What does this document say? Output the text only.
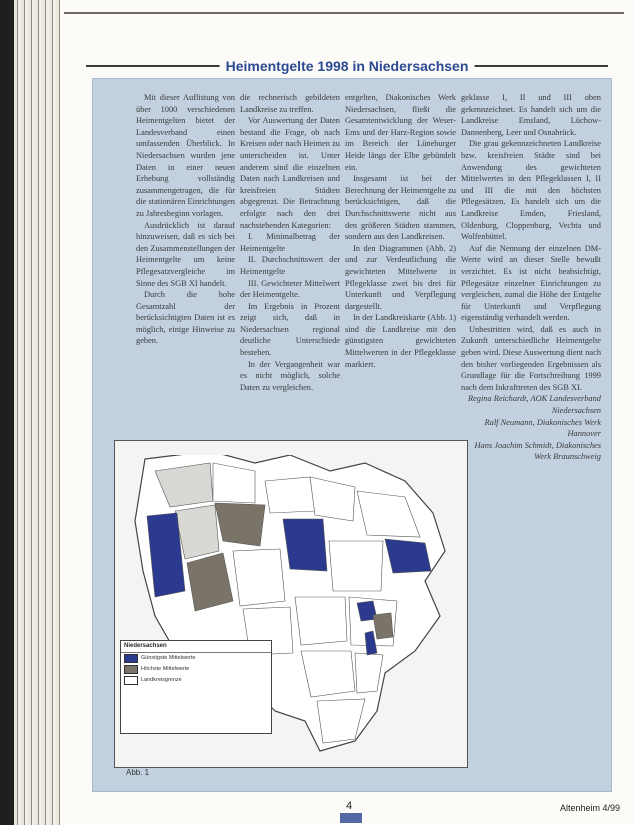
Heimentgelte 1998 in Niedersachsen

Mit dieser Auflistung von über 1000 verschiedenen Heimentgelten bietet der Landesverband einen umfassenden Überblick. In Niedersachsen wurden jene Daten in einer neuen Erhebung vollständig zusammengetragen, die für die stationären Einrichtungen zu Jahresbeginn vorlagen.

Ausdrücklich ist darauf hinzuweisen, daß es sich bei den Zusammenstellungen der Heimentgelte um keine Pflegesatzvergleiche im Sinne des SGB XI handelt.

Durch die hohe Gesamtzahl der berücksichtigten Daten ist es möglich, einige Hinweise zu geben.

die rechnerisch gebildeten Landkreise zu treffen.

Vor Auswertung der Daten bestand die Frage, ob nach Kreisen oder nach Heimen zu unterscheiden ist. Unter anderem sind die einzelnen Daten nach Landkreisen und kreisfreien Städten abgegrenzt. Die Betrachtung erfolgte nach den drei nachstehenden Kategorien:

I. Minimalbetrag der Heimentgelte

II. Durchschnittswert der Heimentgelte

III. Gewichteter Mittelwert der Heimentgelte.

Im Ergebnis in Prozent zeigt sich, daß in Niedersachsen regional deutliche Unterschiede bestehen.

In der Vergangenheit war es nicht möglich, solche Daten zu vergleichen.

entgelten, Diakonisches Werk Niedersachsen, fließt die Gesamtentwicklung der Weser-Ems und der Harz-Region sowie im Bereich der Lüneburger Heide längs der Elbe gebündelt ein.

Insgesamt ist bei der Berechnung der Heimentgelte zu berücksichtigen, daß die Durchschnittswerte nicht aus den größeren Städten stammen, sondern aus den Landkreisen.

In den Diagrammen (Abb. 2) und zur Verdeutlichung die gewichteten Mittelwerte in Pflegeklasse zwei bis drei für Unterkunft und Verpflegung dargestellt.

In der Landkreiskarte (Abb. 1) sind die Landkreise mit den günstigsten gewichteten Mittelwerten in der Pflegeklasse markiert.

geklasse I, II und III oben gekennzeichnet. Es handelt sich um die Landkreise Emsland, Lüchow-Dannenberg, Leer und Osnabrück.

Die grau gekennzeichneten Landkreise bzw. kreisfreien Städte sind bei Anwendung des gewichteten Mittelwertes in den Pflegeklassen I, II und III die mit den höchsten Pflegesätzen. Es handelt sich um die Landkreise Emden, Friesland, Oldenburg, Cloppenburg, Vechta und Wolfenbüttel.

Auf die Nennung der einzelnen DM-Werte wird an dieser Stelle bewußt verzichtet. Es ist nicht beabsichtigt, Pflegesätze einzelner Einrichtungen zu vergleichen, zumal die Höhe der Entgelte für Unterkunft und Verpflegung eigenständig verhandelt werden.

Unbestritten wird, daß es auch in Zukunft unterschiedliche Heimentgelte geben wird. Diese Auswertung dient nach den bisher vorliegenden Ergebnissen als Grundlage für die Fortschreibung 1999 nach dem Inkrafttreten des SGB XI.

Regina Reichardt, AOK Landesverband Niedersachsen

Ralf Neumann, Diakonisches Werk Hannover

Hans Joachim Schmidt, Diakonisches Werk Braunschweig

Niedersachsen
Günstigste Mittelwerte
Höchste Mittelwerte
Landkreisgrenze
Abb. 1
4	Altenheim 4/99
